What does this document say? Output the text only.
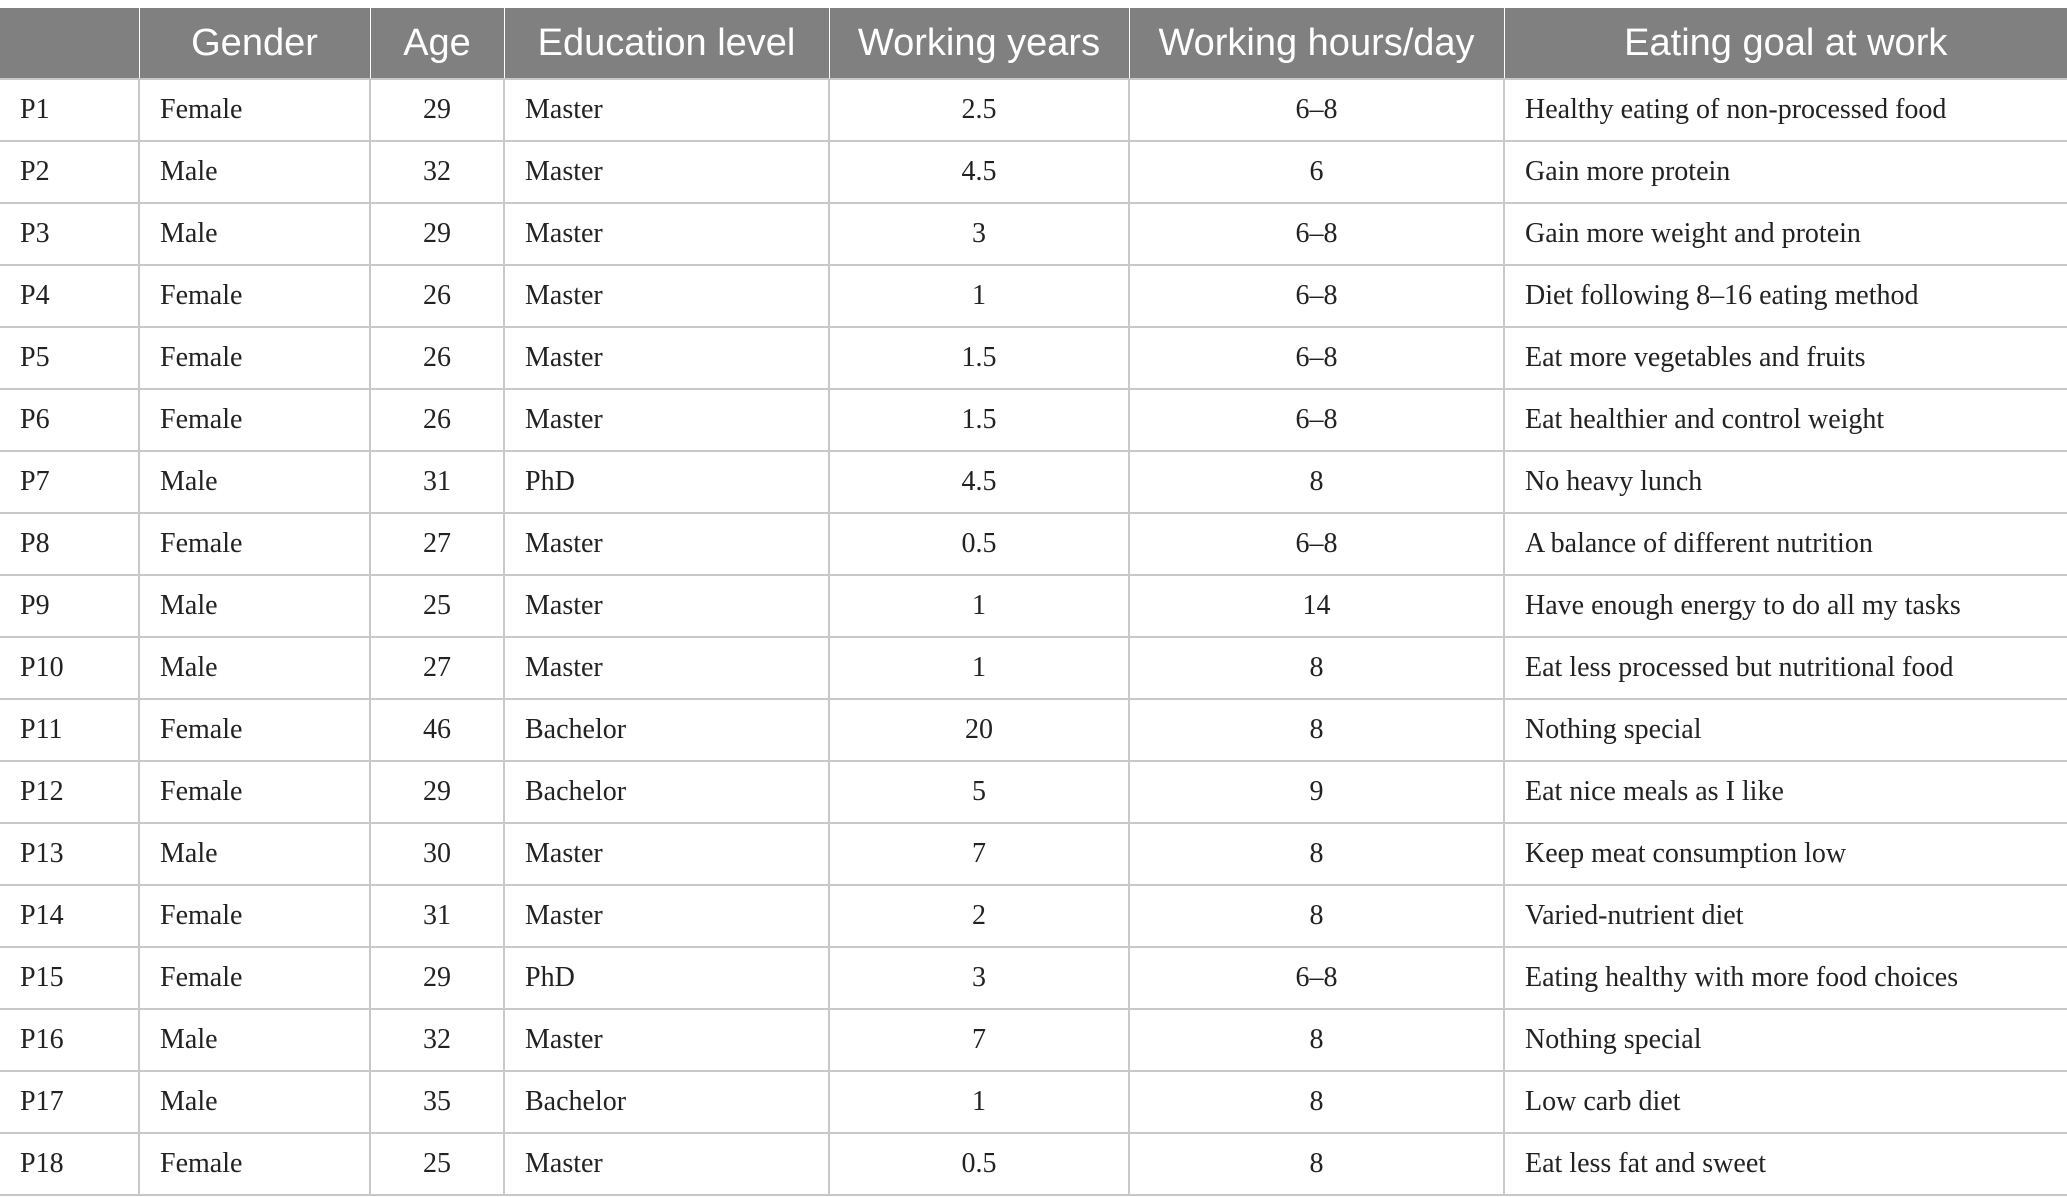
	Gender	Age	Education level	Working years	Working hours/day	Eating goal at work
P1	Female	29	Master	2.5	6–8	Healthy eating of non-processed food
P2	Male	32	Master	4.5	6	Gain more protein
P3	Male	29	Master	3	6–8	Gain more weight and protein
P4	Female	26	Master	1	6–8	Diet following 8–16 eating method
P5	Female	26	Master	1.5	6–8	Eat more vegetables and fruits
P6	Female	26	Master	1.5	6–8	Eat healthier and control weight
P7	Male	31	PhD	4.5	8	No heavy lunch
P8	Female	27	Master	0.5	6–8	A balance of different nutrition
P9	Male	25	Master	1	14	Have enough energy to do all my tasks
P10	Male	27	Master	1	8	Eat less processed but nutritional food
P11	Female	46	Bachelor	20	8	Nothing special
P12	Female	29	Bachelor	5	9	Eat nice meals as I like
P13	Male	30	Master	7	8	Keep meat consumption low
P14	Female	31	Master	2	8	Varied-nutrient diet
P15	Female	29	PhD	3	6–8	Eating healthy with more food choices
P16	Male	32	Master	7	8	Nothing special
P17	Male	35	Bachelor	1	8	Low carb diet
P18	Female	25	Master	0.5	8	Eat less fat and sweet
